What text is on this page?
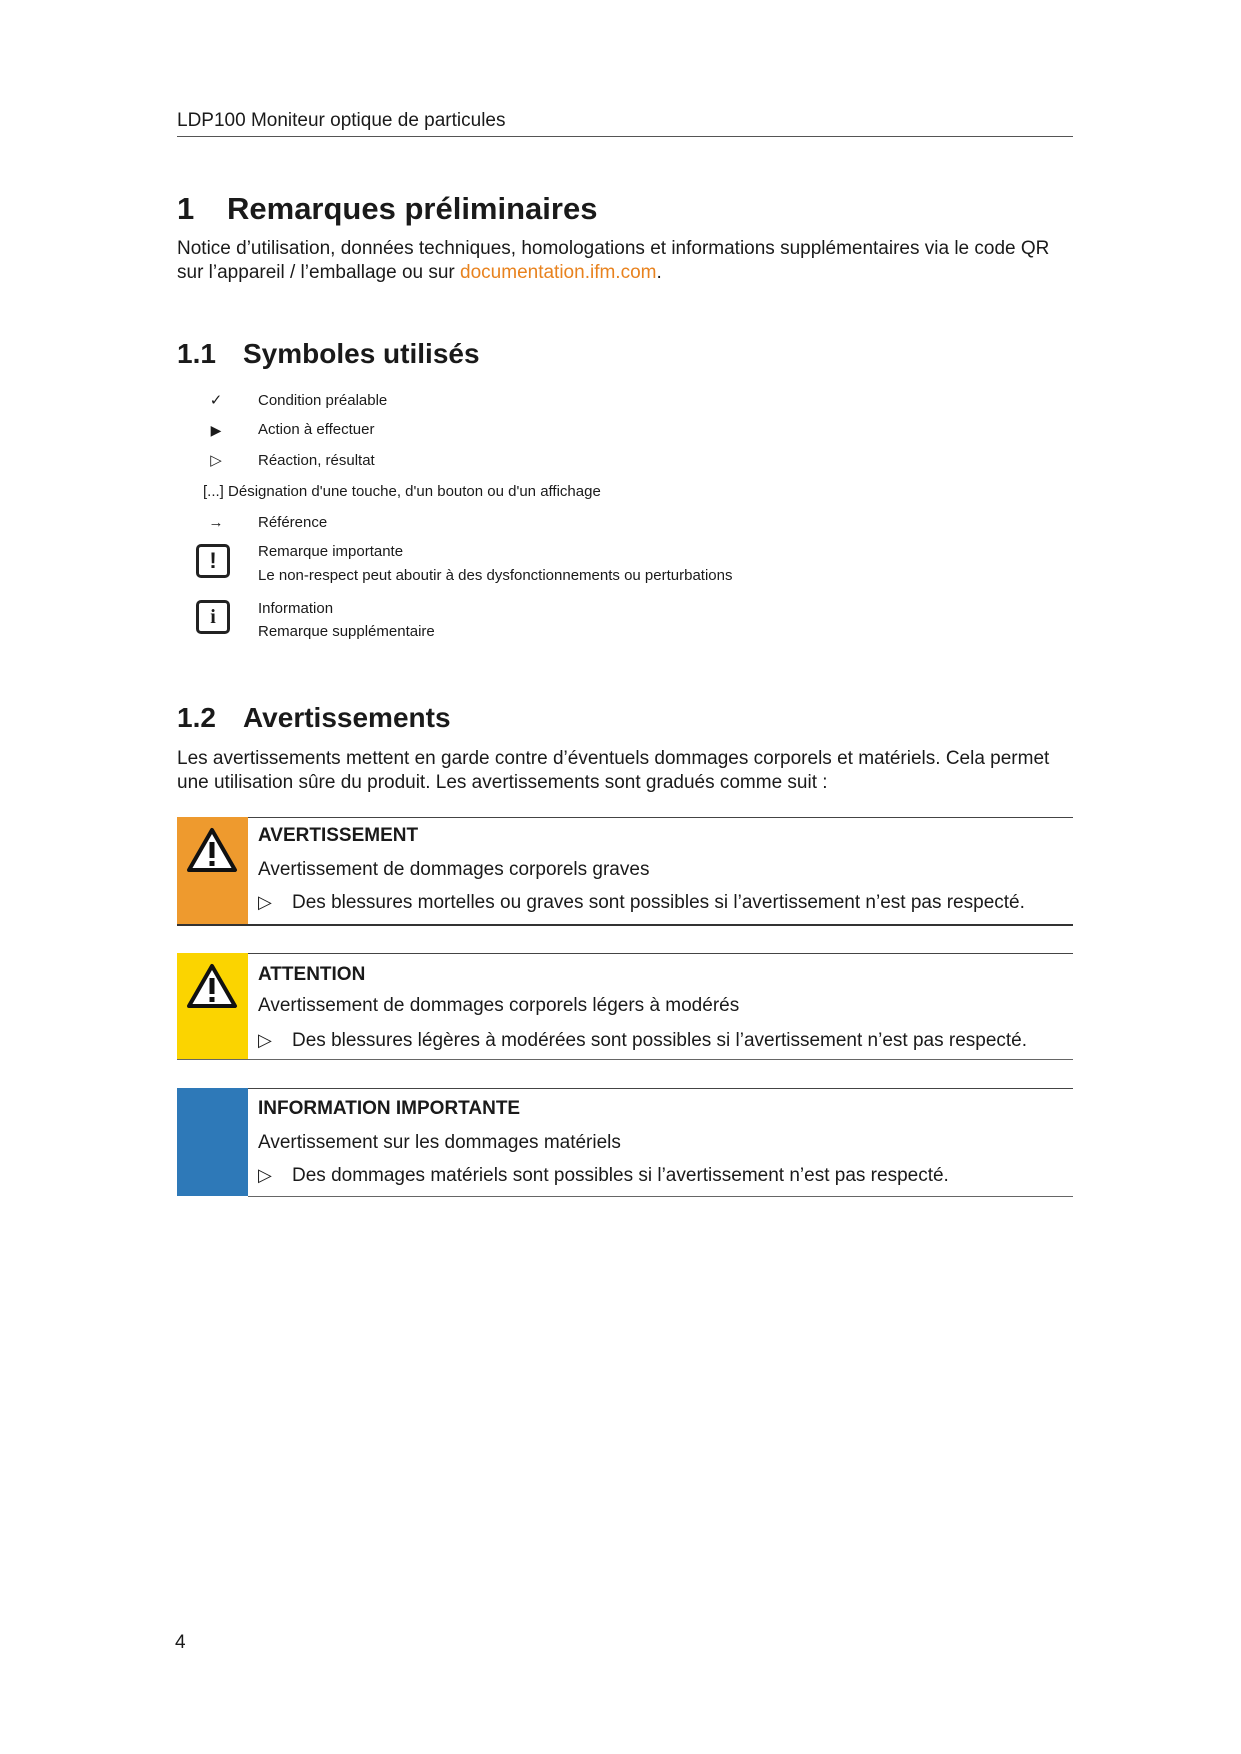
LDP100 Moniteur optique de particules
1 Remarques préliminaires
Notice d’utilisation, données techniques, homologations et informations supplémentaires via le code QR sur l’appareil / l’emballage ou sur documentation.ifm.com.
1.1 Symboles utilisés
✓	Condition préalable
▶	Action à effectuer
▷	Réaction, résultat
[...] Désignation d'une touche, d'un bouton ou d'un affichage
→	Référence
!	Remarque importante
Le non-respect peut aboutir à des dysfonctionnements ou perturbations
i	Information
Remarque supplémentaire
1.2 Avertissements
Les avertissements mettent en garde contre d’éventuels dommages corporels et matériels. Cela permet une utilisation sûre du produit. Les avertissements sont gradués comme suit :
AVERTISSEMENT
Avertissement de dommages corporels graves
▷ Des blessures mortelles ou graves sont possibles si l’avertissement n’est pas respecté.
ATTENTION
Avertissement de dommages corporels légers à modérés
▷ Des blessures légères à modérées sont possibles si l’avertissement n’est pas respecté.
INFORMATION IMPORTANTE
Avertissement sur les dommages matériels
▷ Des dommages matériels sont possibles si l’avertissement n’est pas respecté.
4
